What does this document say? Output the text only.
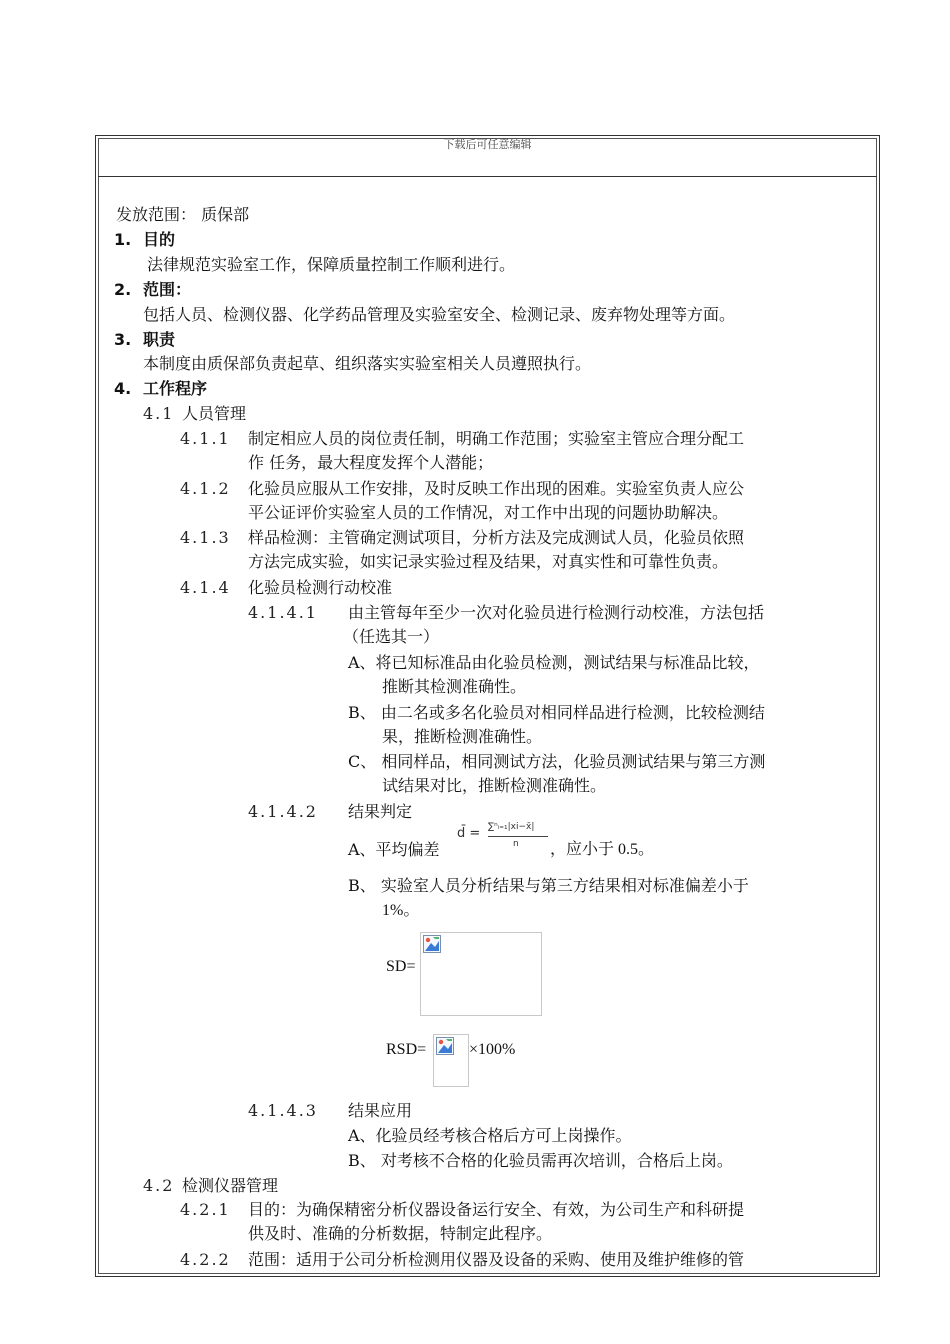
下载后可任意编辑
发放范围： 质保部
1. 目的
法律规范实验室工作，保障质量控制工作顺利进行。
2. 范围：
包括人员、检测仪器、化学药品管理及实验室安全、检测记录、废弃物处理等方面。
3. 职责
本制度由质保部负责起草、组织落实实验室相关人员遵照执行。
4. 工作程序
4.1 人员管理
4.1.1 制定相应人员的岗位责任制，明确工作范围；实验室主管应合理分配工
作 任务，最大程度发挥个人潜能；
4.1.2 化验员应服从工作安排，及时反映工作出现的困难。实验室负责人应公
平公证评价实验室人员的工作情况，对工作中出现的问题协助解决。
4.1.3 样品检测：主管确定测试项目，分析方法及完成测试人员，化验员依照
方法完成实验，如实记录实验过程及结果，对真实性和可靠性负责。
4.1.4 化验员检测行动校准
4.1.4.1 由主管每年至少一次对化验员进行检测行动校准，方法包括
（任选其一）
A、将已知标准品由化验员检测，测试结果与标准品比较，
推断其检测准确性。
B、 由二名或多名化验员对相同样品进行检测，比较检测结
果，推断检测准确性。
C、 相同样品，相同测试方法，化验员测试结果与第三方测
试结果对比，推断检测准确性。
4.1.4.2 结果判定
A、平均偏差
d̄ = ∑ⁿᵢ₌₁|xi−x̄|
n ，应小于 0.5。
B、 实验室人员分析结果与第三方结果相对标准偏差小于
1%。
SD=
RSD=	×100%
4.1.4.3 结果应用
A、化验员经考核合格后方可上岗操作。
B、 对考核不合格的化验员需再次培训，合格后上岗。
4.2 检测仪器管理
4.2.1 目的：为确保精密分析仪器设备运行安全、有效，为公司生产和科研提
供及时、准确的分析数据，特制定此程序。
4.2.2 范围：适用于公司分析检测用仪器及设备的采购、使用及维护维修的管
